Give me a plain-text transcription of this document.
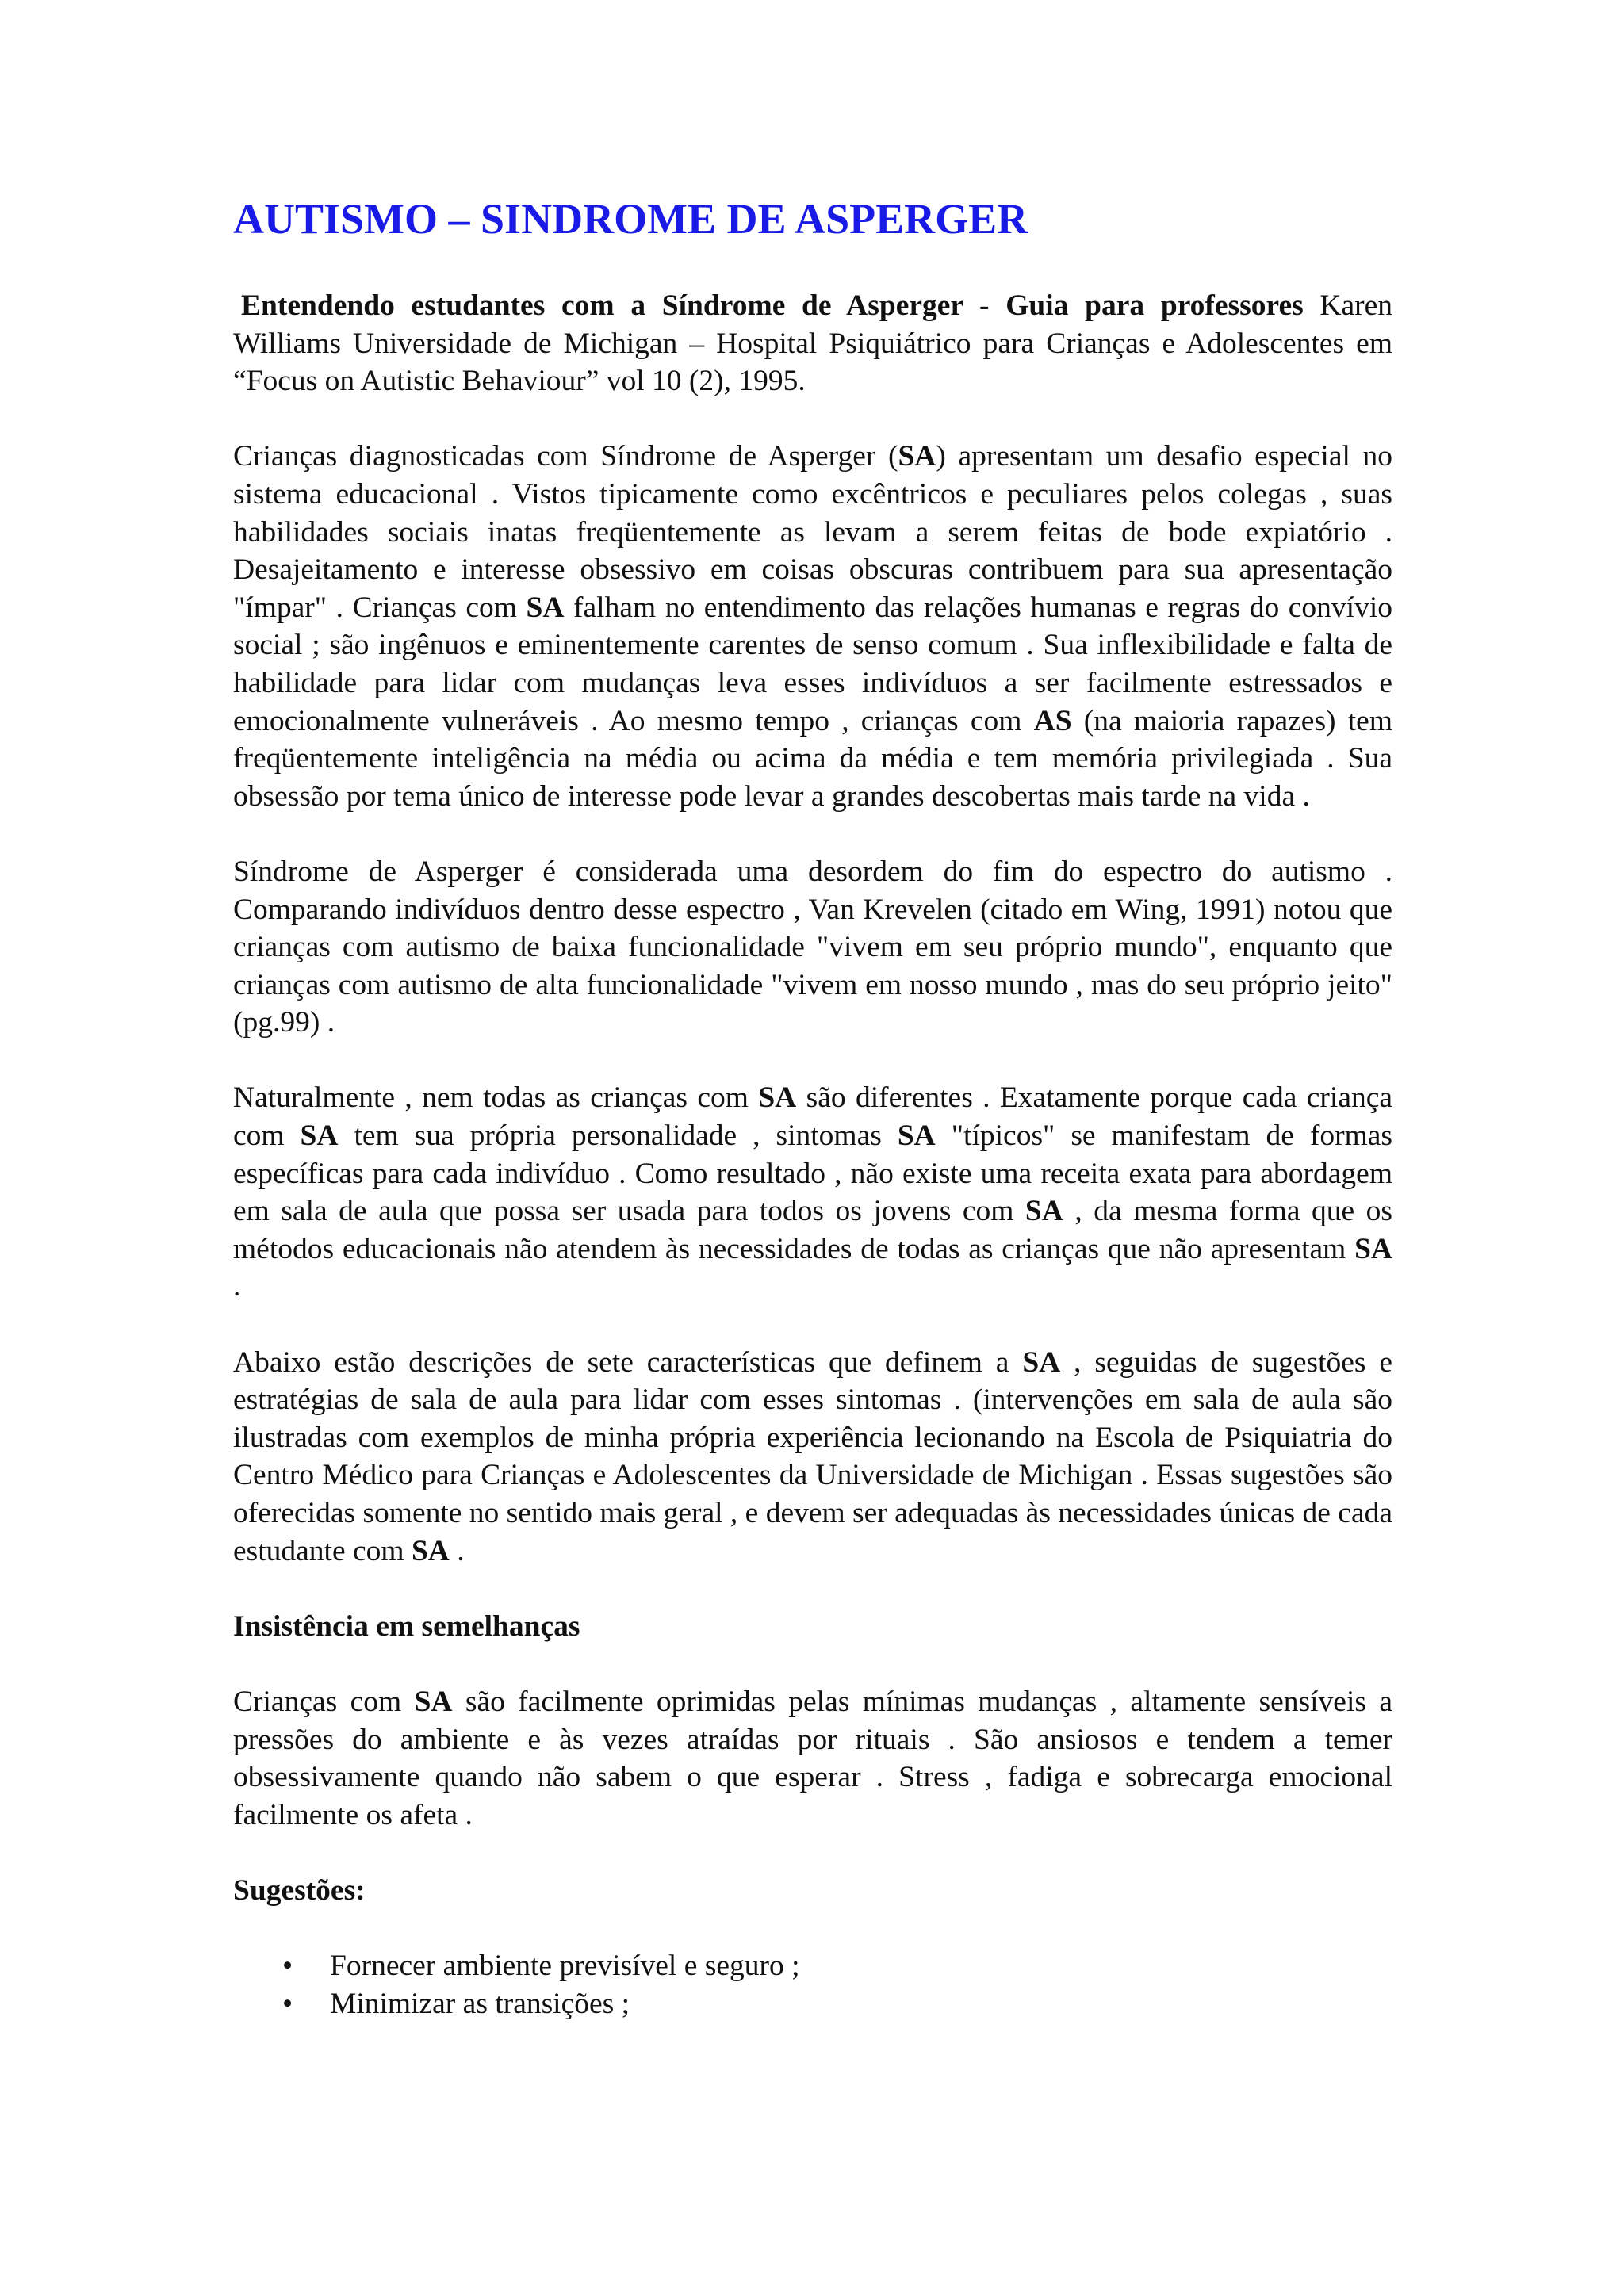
AUTISMO – SINDROME DE ASPERGER

Entendendo estudantes com a Síndrome de Asperger - Guia para professores Karen Williams Universidade de Michigan – Hospital Psiquiátrico para Crianças e Adolescentes em “Focus on Autistic Behaviour” vol 10 (2), 1995.

Crianças diagnosticadas com Síndrome de Asperger (SA) apresentam um desafio especial no sistema educacional . Vistos tipicamente como excêntricos e peculiares pelos colegas , suas habilidades sociais inatas freqüentemente as levam a serem feitas de bode expiatório . Desajeitamento e interesse obsessivo em coisas obscuras contribuem para sua apresentação "ímpar" . Crianças com SA falham no entendimento das relações humanas e regras do convívio social ; são ingênuos e eminentemente carentes de senso comum . Sua inflexibilidade e falta de habilidade para lidar com mudanças leva esses indivíduos a ser facilmente estressados e emocionalmente vulneráveis . Ao mesmo tempo , crianças com AS (na maioria rapazes) tem freqüentemente inteligência na média ou acima da média e tem memória privilegiada . Sua obsessão por tema único de interesse pode levar a grandes descobertas mais tarde na vida .

Síndrome de Asperger é considerada uma desordem do fim do espectro do autismo . Comparando indivíduos dentro desse espectro , Van Krevelen (citado em Wing, 1991) notou que crianças com autismo de baixa funcionalidade "vivem em seu próprio mundo", enquanto que crianças com autismo de alta funcionalidade "vivem em nosso mundo , mas do seu próprio jeito" (pg.99) .

Naturalmente , nem todas as crianças com SA são diferentes . Exatamente porque cada criança com SA tem sua própria personalidade , sintomas SA "típicos" se manifestam de formas específicas para cada indivíduo . Como resultado , não existe uma receita exata para abordagem em sala de aula que possa ser usada para todos os jovens com SA , da mesma forma que os métodos educacionais não atendem às necessidades de todas as crianças que não apresentam SA .

Abaixo estão descrições de sete características que definem a SA , seguidas de sugestões e estratégias de sala de aula para lidar com esses sintomas . (intervenções em sala de aula são ilustradas com exemplos de minha própria experiência lecionando na Escola de Psiquiatria do Centro Médico para Crianças e Adolescentes da Universidade de Michigan . Essas sugestões são oferecidas somente no sentido mais geral , e devem ser adequadas às necessidades únicas de cada estudante com SA .

Insistência em semelhanças

Crianças com SA são facilmente oprimidas pelas mínimas mudanças , altamente sensíveis a pressões do ambiente e às vezes atraídas por rituais . São ansiosos e tendem a temer obsessivamente quando não sabem o que esperar . Stress , fadiga e sobrecarga emocional facilmente os afeta .

Sugestões:
• Fornecer ambiente previsível e seguro ;
• Minimizar as transições ;
